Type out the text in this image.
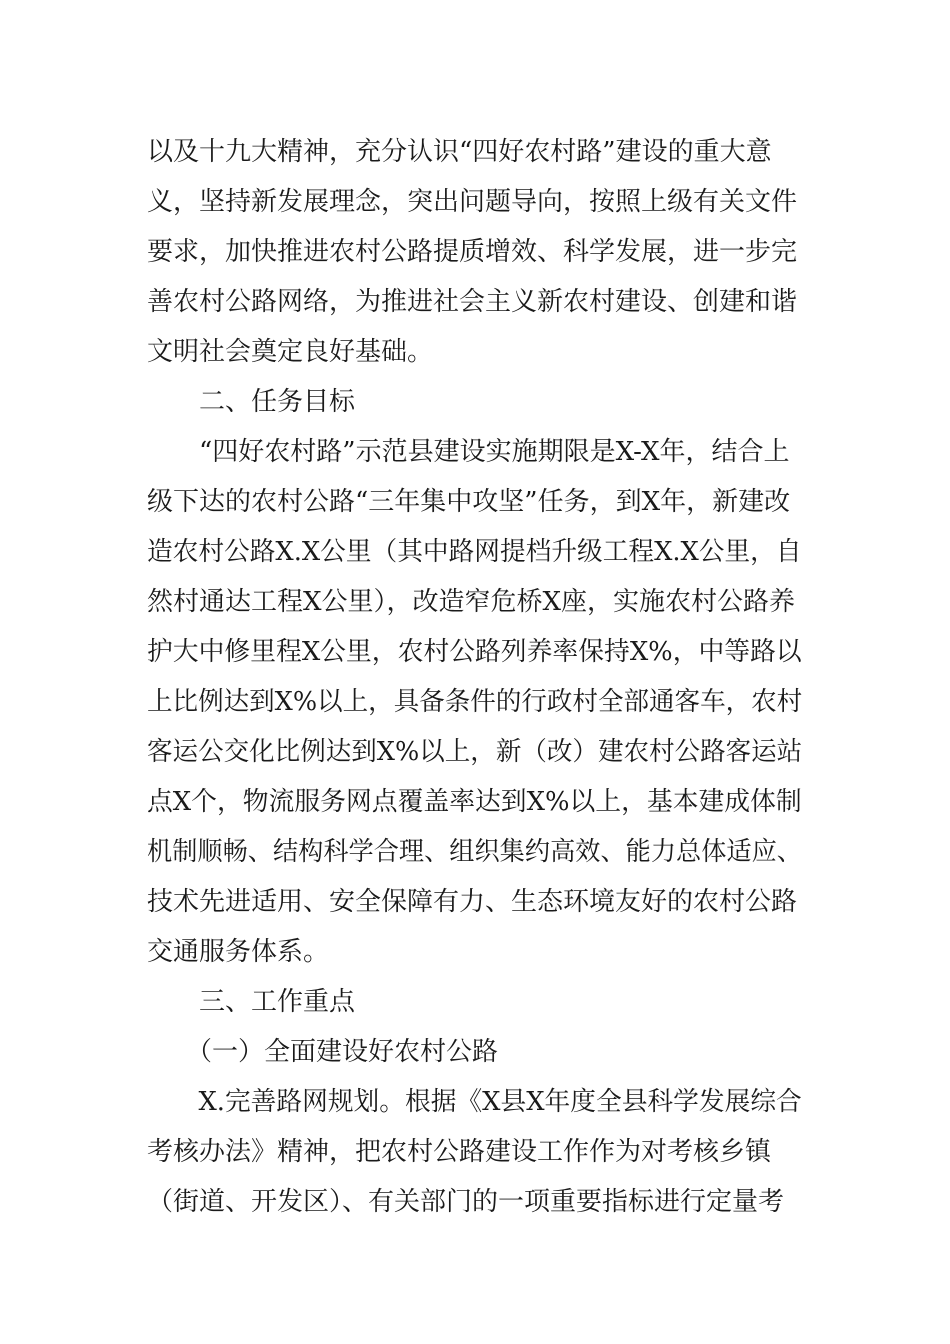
以及十九大精神，充分认识“四好农村路”建设的重大意
义，坚持新发展理念，突出问题导向，按照上级有关文件
要求，加快推进农村公路提质增效、科学发展，进一步完
善农村公路网络，为推进社会主义新农村建设、创建和谐
文明社会奠定良好基础。
　　二、任务目标
　　“四好农村路”示范县建设实施期限是X-X年，结合上
级下达的农村公路“三年集中攻坚”任务，到X年，新建改
造农村公路X.X公里（其中路网提档升级工程X.X公里，自
然村通达工程X公里），改造窄危桥X座，实施农村公路养
护大中修里程X公里，农村公路列养率保持X%，中等路以
上比例达到X%以上，具备条件的行政村全部通客车，农村
客运公交化比例达到X%以上，新（改）建农村公路客运站
点X个，物流服务网点覆盖率达到X%以上，基本建成体制
机制顺畅、结构科学合理、组织集约高效、能力总体适应、
技术先进适用、安全保障有力、生态环境友好的农村公路
交通服务体系。
　　三、工作重点
　　（一）全面建设好农村公路
　　X.完善路网规划。根据《X县X年度全县科学发展综合
考核办法》精神，把农村公路建设工作作为对考核乡镇
（街道、开发区）、有关部门的一项重要指标进行定量考
